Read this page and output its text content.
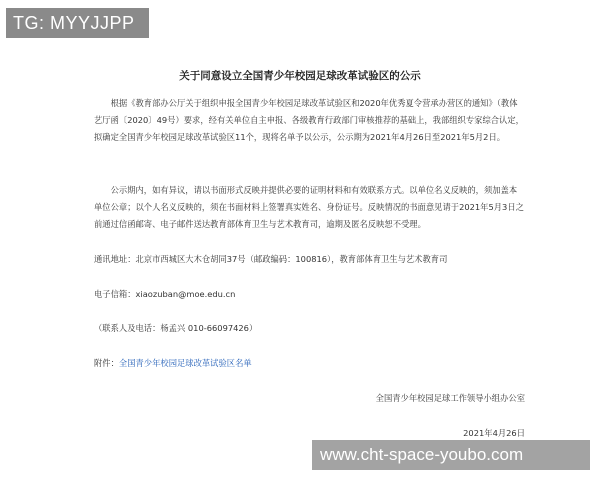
TG: MYYJJPP
关于同意设立全国青少年校园足球改革试验区的公示
根据《教育部办公厅关于组织申报全国青少年校园足球改革试验区和2020年优秀夏令营承办营区的通知》（教体艺厅函〔2020〕49号）要求，经有关单位自主申报、各级教育行政部门审核推荐的基础上，我部组织专家综合认定，拟确定全国青少年校园足球改革试验区11个，现将名单予以公示，公示期为2021年4月26日至2021年5月2日。
公示期内，如有异议，请以书面形式反映并提供必要的证明材料和有效联系方式。以单位名义反映的，须加盖本单位公章；以个人名义反映的，须在书面材料上签署真实姓名、身份证号。反映情况的书面意见请于2021年5月3日之前通过信函邮寄、电子邮件送达教育部体育卫生与艺术教育司，逾期及匿名反映恕不受理。
通讯地址：北京市西城区大木仓胡同37号（邮政编码：100816），教育部体育卫生与艺术教育司
电子信箱：xiaozuban@moe.edu.cn
（联系人及电话：杨孟兴 010-66097426）
附件：全国青少年校园足球改革试验区名单
全国青少年校园足球工作领导小组办公室
2021年4月26日
www.cht-space-youbo.com
